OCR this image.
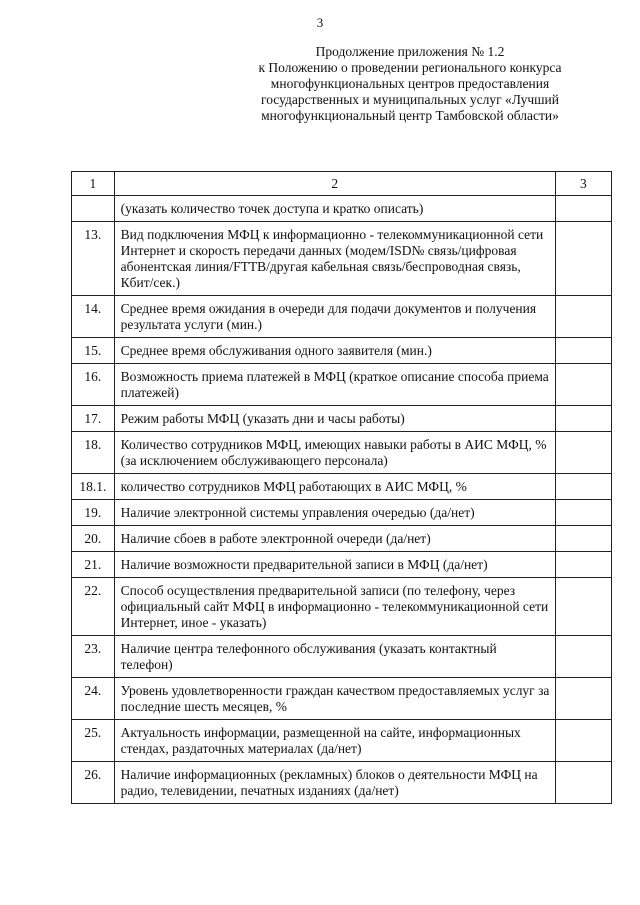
3
Продолжение приложения № 1.2
к Положению о проведении регионального конкурса
многофункциональных центров предоставления
государственных и муниципальных услуг «Лучший
многофункциональный центр Тамбовской области»
1	2	3
	(указать количество точек доступа и кратко описать)	
13.	Вид подключения МФЦ к информационно - телекоммуникационной сети Интернет и скорость передачи данных (модем/ISD№ связь/цифровая абонентская линия/FTTB/другая кабельная связь/беспроводная связь, Кбит/сек.)	
14.	Среднее время ожидания в очереди для подачи документов и получения результата услуги (мин.)	
15.	Среднее время обслуживания одного заявителя (мин.)	
16.	Возможность приема платежей в МФЦ (краткое описание способа приема платежей)	
17.	Режим работы МФЦ (указать дни и часы работы)	
18.	Количество сотрудников МФЦ, имеющих навыки работы в АИС МФЦ, % (за исключением обслуживающего персонала)	
18.1.	количество сотрудников МФЦ работающих в АИС МФЦ, %	
19.	Наличие электронной системы управления очередью (да/нет)	
20.	Наличие сбоев в работе электронной очереди (да/нет)	
21.	Наличие возможности предварительной записи в МФЦ (да/нет)	
22.	Способ осуществления предварительной записи (по телефону, через официальный сайт МФЦ в информационно - телекоммуникационной сети Интернет, иное - указать)	
23.	Наличие центра телефонного обслуживания (указать контактный телефон)	
24.	Уровень удовлетворенности граждан качеством предоставляемых услуг за последние шесть месяцев, %	
25.	Актуальность информации, размещенной на сайте, информационных стендах, раздаточных материалах (да/нет)	
26.	Наличие информационных (рекламных) блоков о деятельности МФЦ на радио, телевидении, печатных изданиях (да/нет)	
